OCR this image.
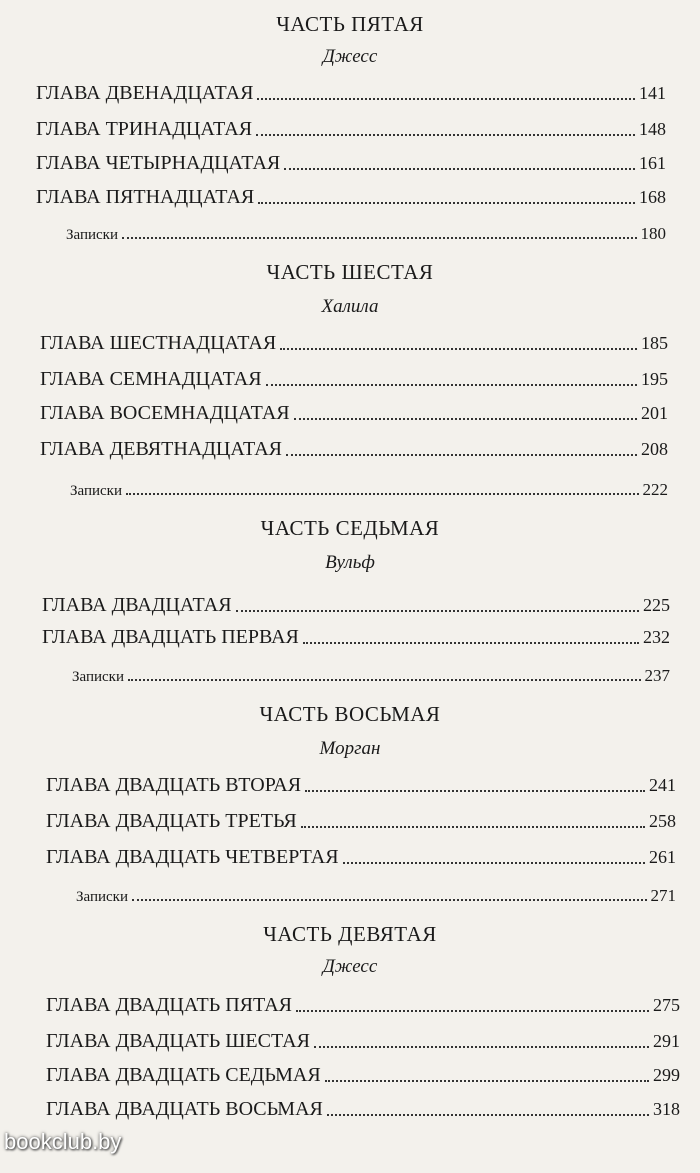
ЧАСТЬ ПЯТАЯ
Джесс
ГЛАВА ДВЕНАДЦАТАЯ	141
ГЛАВА ТРИНАДЦАТАЯ	148
ГЛАВА ЧЕТЫРНАДЦАТАЯ	161
ГЛАВА ПЯТНАДЦАТАЯ	168
Записки	180
ЧАСТЬ ШЕСТАЯ
Халила
ГЛАВА ШЕСТНАДЦАТАЯ	185
ГЛАВА СЕМНАДЦАТАЯ	195
ГЛАВА ВОСЕМНАДЦАТАЯ	201
ГЛАВА ДЕВЯТНАДЦАТАЯ	208
Записки	222
ЧАСТЬ СЕДЬМАЯ
Вульф
ГЛАВА ДВАДЦАТАЯ	225
ГЛАВА ДВАДЦАТЬ ПЕРВАЯ	232
Записки	237
ЧАСТЬ ВОСЬМАЯ
Морган
ГЛАВА ДВАДЦАТЬ ВТОРАЯ	241
ГЛАВА ДВАДЦАТЬ ТРЕТЬЯ	258
ГЛАВА ДВАДЦАТЬ ЧЕТВЕРТАЯ	261
Записки	271
ЧАСТЬ ДЕВЯТАЯ
Джесс
ГЛАВА ДВАДЦАТЬ ПЯТАЯ	275
ГЛАВА ДВАДЦАТЬ ШЕСТАЯ	291
ГЛАВА ДВАДЦАТЬ СЕДЬМАЯ	299
ГЛАВА ДВАДЦАТЬ ВОСЬМАЯ	318
bookclub.by
